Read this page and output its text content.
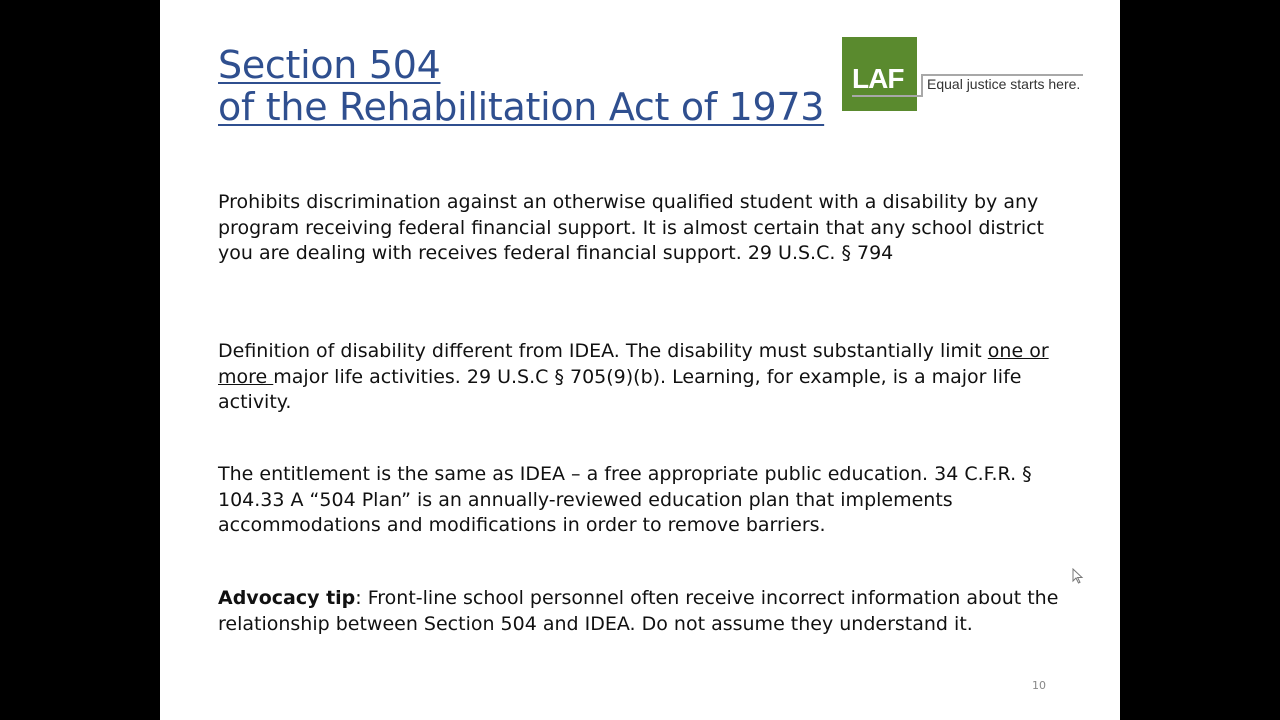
Section 504
of the Rehabilitation Act of 1973
LAF Equal justice starts here.
Prohibits discrimination against an otherwise qualified student with a disability by any program receiving federal financial support. It is almost certain that any school district you are dealing with receives federal financial support. 29 U.S.C. § 794
Definition of disability different from IDEA. The disability must substantially limit one or more major life activities. 29 U.S.C § 705(9)(b). Learning, for example, is a major life activity.
The entitlement is the same as IDEA – a free appropriate public education. 34 C.F.R. § 104.33 A “504 Plan” is an annually-reviewed education plan that implements accommodations and modifications in order to remove barriers.
Advocacy tip: Front-line school personnel often receive incorrect information about the relationship between Section 504 and IDEA. Do not assume they understand it.
10
